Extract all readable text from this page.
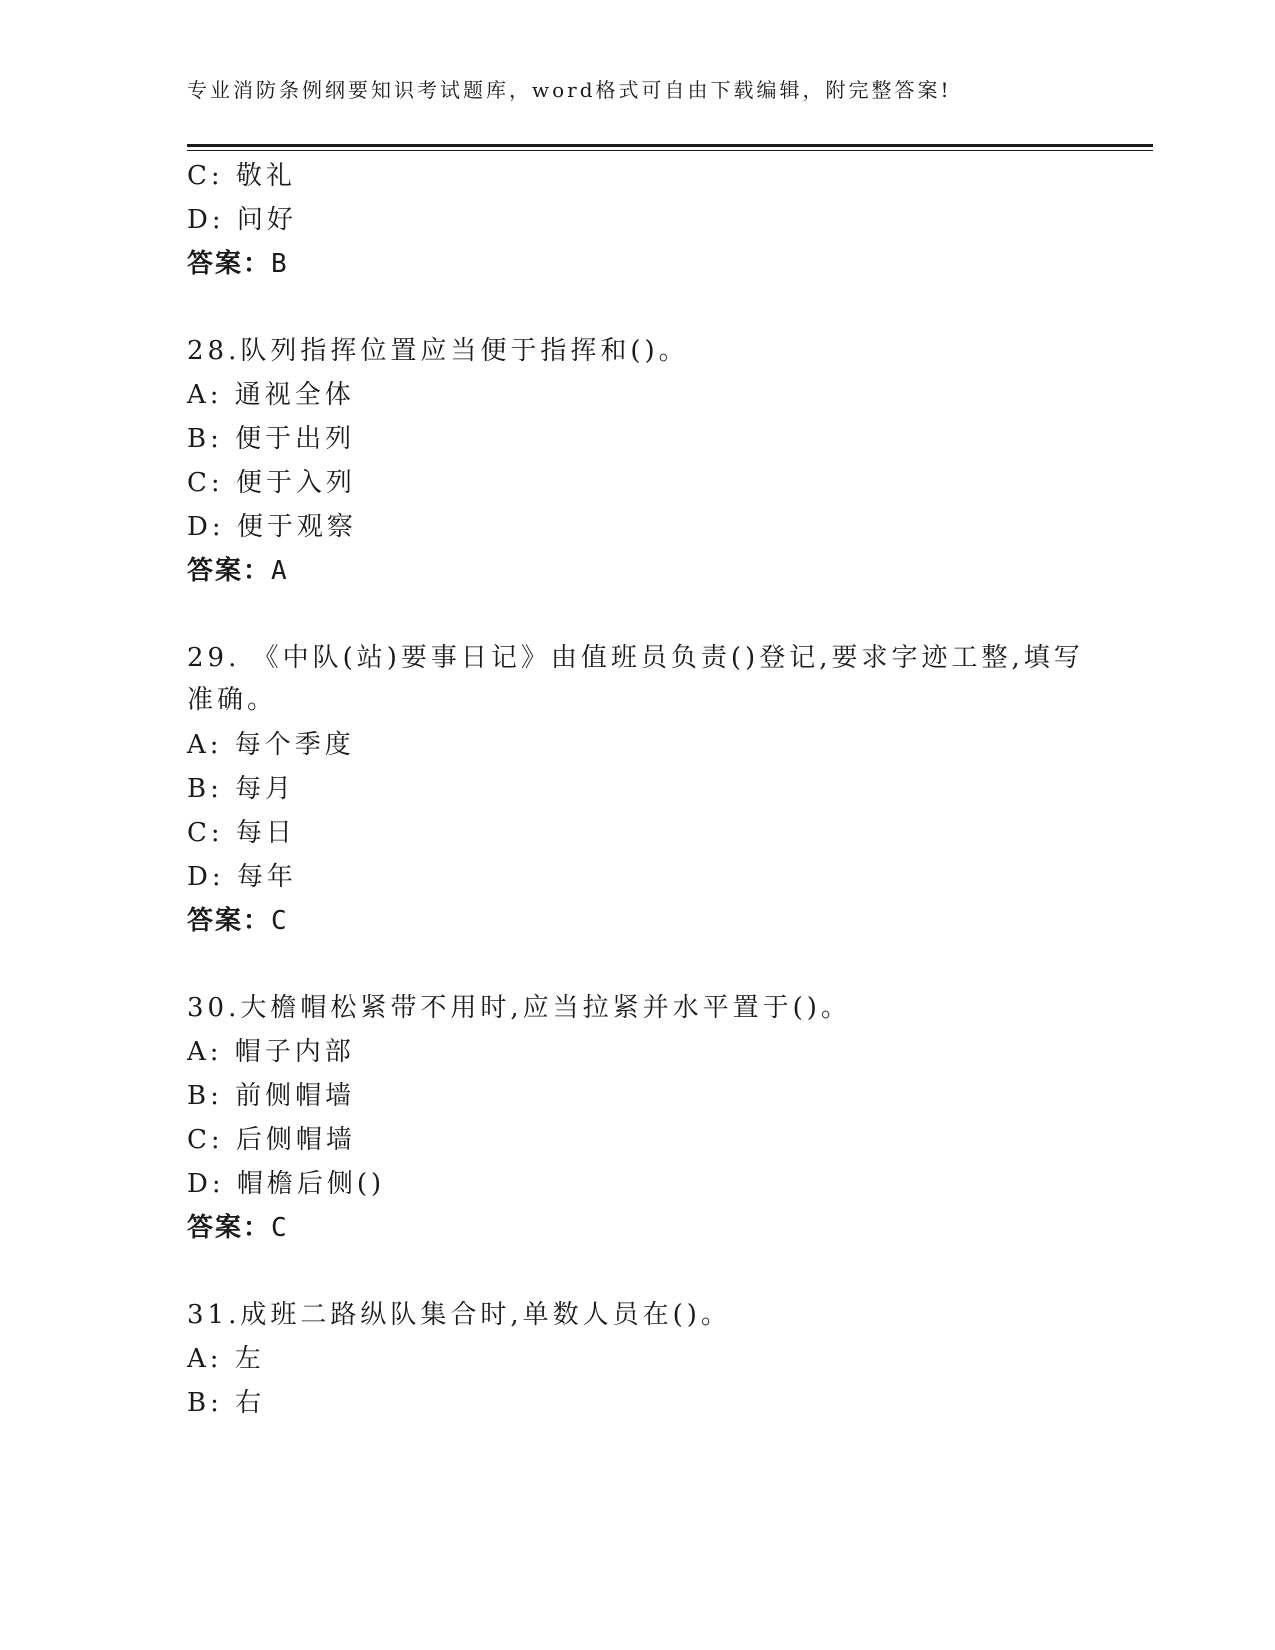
专业消防条例纲要知识考试题库，word格式可自由下载编辑，附完整答案!
C: 敬礼
D: 问好
答案：B
28.队列指挥位置应当便于指挥和()。
A: 通视全体
B: 便于出列
C: 便于入列
D: 便于观察
答案：A
29. 《中队(站)要事日记》由值班员负责()登记,要求字迹工整,填写
准确。
A: 每个季度
B: 每月
C: 每日
D: 每年
答案：C
30.大檐帽松紧带不用时,应当拉紧并水平置于()。
A: 帽子内部
B: 前侧帽墙
C: 后侧帽墙
D: 帽檐后侧()
答案：C
31.成班二路纵队集合时,单数人员在()。
A: 左
B: 右
